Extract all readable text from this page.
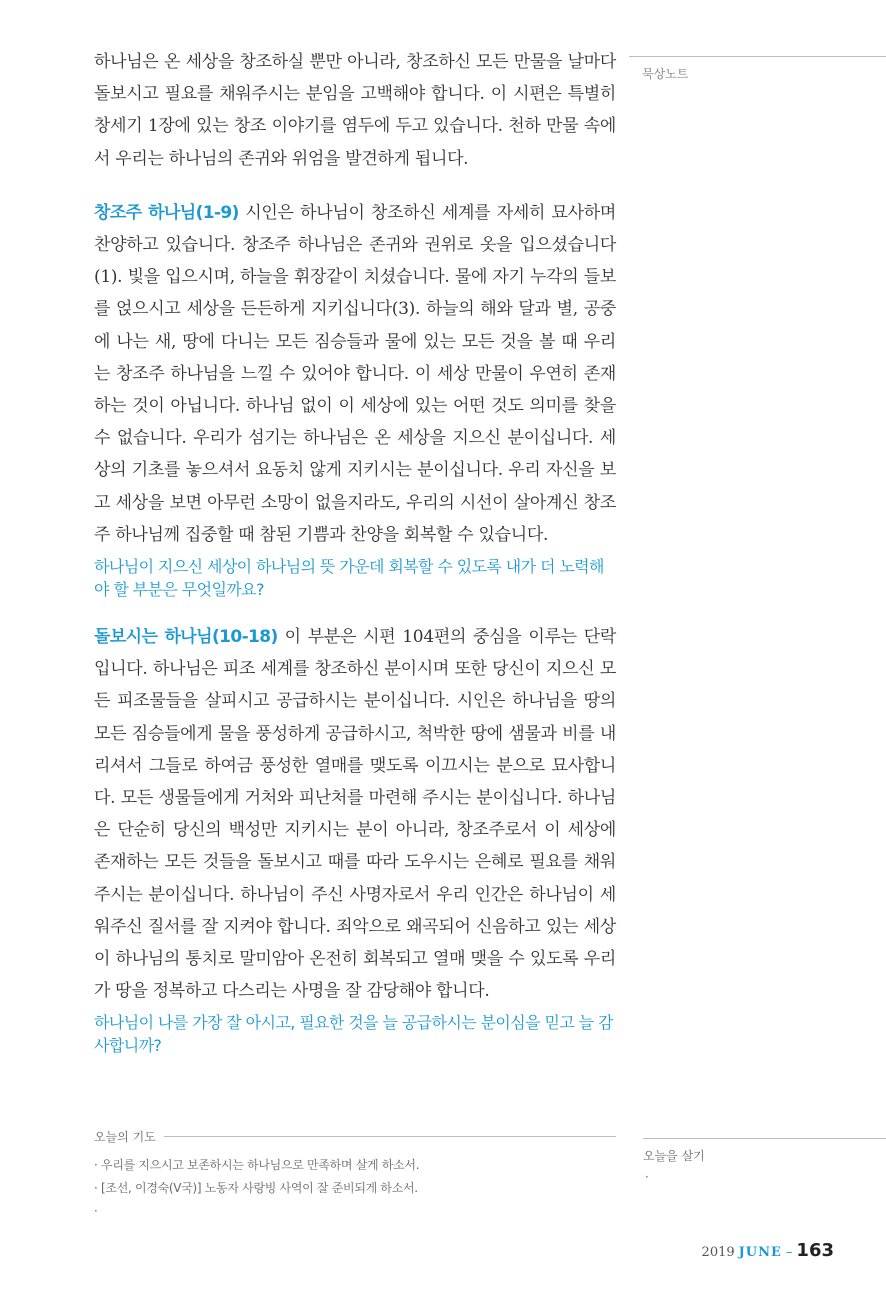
하나님은 온 세상을 창조하실 뿐만 아니라, 창조하신 모든 만물을 날마다 돌보시고 필요를 채워주시는 분임을 고백해야 합니다. 이 시편은 특별히 창세기 1장에 있는 창조 이야기를 염두에 두고 있습니다. 천하 만물 속에서 우리는 하나님의 존귀와 위엄을 발견하게 됩니다.

창조주 하나님(1-9) 시인은 하나님이 창조하신 세계를 자세히 묘사하며 찬양하고 있습니다. 창조주 하나님은 존귀와 권위로 옷을 입으셨습니다(1). 빛을 입으시며, 하늘을 휘장같이 치셨습니다. 물에 자기 누각의 들보를 얹으시고 세상을 든든하게 지키십니다(3). 하늘의 해와 달과 별, 공중에 나는 새, 땅에 다니는 모든 짐승들과 물에 있는 모든 것을 볼 때 우리는 창조주 하나님을 느낄 수 있어야 합니다. 이 세상 만물이 우연히 존재하는 것이 아닙니다. 하나님 없이 이 세상에 있는 어떤 것도 의미를 찾을 수 없습니다. 우리가 섬기는 하나님은 온 세상을 지으신 분이십니다. 세상의 기초를 놓으셔서 요동치 않게 지키시는 분이십니다. 우리 자신을 보고 세상을 보면 아무런 소망이 없을지라도, 우리의 시선이 살아계신 창조주 하나님께 집중할 때 참된 기쁨과 찬양을 회복할 수 있습니다.

하나님이 지으신 세상이 하나님의 뜻 가운데 회복할 수 있도록 내가 더 노력해야 할 부분은 무엇일까요?

돌보시는 하나님(10-18) 이 부분은 시편 104편의 중심을 이루는 단락입니다. 하나님은 피조 세계를 창조하신 분이시며 또한 당신이 지으신 모든 피조물들을 살피시고 공급하시는 분이십니다. 시인은 하나님을 땅의 모든 짐승들에게 물을 풍성하게 공급하시고, 척박한 땅에 샘물과 비를 내리셔서 그들로 하여금 풍성한 열매를 맺도록 이끄시는 분으로 묘사합니다. 모든 생물들에게 거처와 피난처를 마련해 주시는 분이십니다. 하나님은 단순히 당신의 백성만 지키시는 분이 아니라, 창조주로서 이 세상에 존재하는 모든 것들을 돌보시고 때를 따라 도우시는 은혜로 필요를 채워주시는 분이십니다. 하나님이 주신 사명자로서 우리 인간은 하나님이 세워주신 질서를 잘 지켜야 합니다. 죄악으로 왜곡되어 신음하고 있는 세상이 하나님의 통치로 말미암아 온전히 회복되고 열매 맺을 수 있도록 우리가 땅을 정복하고 다스리는 사명을 잘 감당해야 합니다.

하나님이 나를 가장 잘 아시고, 필요한 것을 늘 공급하시는 분이심을 믿고 늘 감사합니까?

묵상노트
오늘의 기도
· 우리를 지으시고 보존하시는 하나님으로 만족하며 살게 하소서.
· [조선, 이경숙(V국)] 노동자 사랑빙 사역이 잘 준비되게 하소서.
·
오늘을 살기
·
2019 JUNE – 163
